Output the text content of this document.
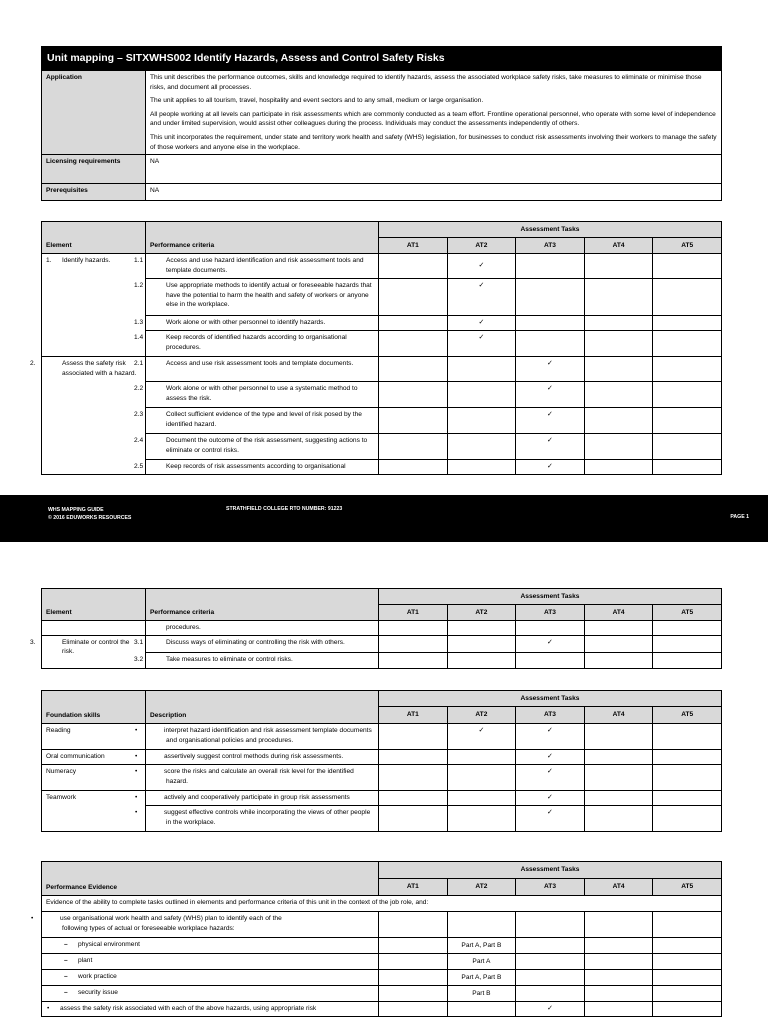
Unit mapping – SITXWHS002 Identify Hazards, Assess and Control Safety Risks	
Application	This unit describes the performance outcomes, skills and knowledge required to identify hazards, assess the associated workplace safety risks, take measures to eliminate or minimise those risks, and document all processes.

The unit applies to all tourism, travel, hospitality and event sectors and to any small, medium or large organisation.

All people working at all levels can participate in risk assessments which are commonly conducted as a team effort. Frontline operational personnel, who operate with some level of independence and under limited supervision, would assist other colleagues during the process. Individuals may conduct the assessments independently of others.

This unit incorporates the requirement, under state and territory work health and safety (WHS) legislation, for businesses to conduct risk assessments involving their workers to manage the safety of those workers and anyone else in the workplace.

Licensing requirements	NA
Prerequisites	NA
Element	Performance criteria	Assessment Tasks				
		AT1	AT2	AT3	AT4	AT5
1. Identify hazards.	1.1 Access and use hazard identification and risk assessment tools and template documents.		✓			

	1.2 Use appropriate methods to identify actual or foreseeable hazards that have the potential to harm the health and safety of workers or anyone else in the workplace.		✓			

	1.3 Work alone or with other personnel to identify hazards.		✓			

	1.4 Keep records of identified hazards according to organisational procedures.		✓			

2. Assess the safety risk associated with a hazard.	2.1 Access and use risk assessment tools and template documents.			✓		

	2.2 Work alone or with other personnel to use a systematic method to assess the risk.			✓		

	2.3 Collect sufficient evidence of the type and level of risk posed by the identified hazard.			✓		

	2.4 Document the outcome of the risk assessment, suggesting actions to eliminate or control risks.			✓		

	2.5 Keep records of risk assessments according to organisational			✓		
WHS MAPPING GUIDE
© 2016 EDUWORKS RESOURCES
STRATHFIELD COLLEGE RTO NUMBER: 91223
PAGE 1
Element	Performance criteria	Assessment Tasks				
		AT1	AT2	AT3	AT4	AT5
	procedures.					

3. Eliminate or control the risk.	3.1 Discuss ways of eliminating or controlling the risk with others.			✓		

	3.2 Take measures to eliminate or control risks.					

Foundation skills	Description	Assessment Tasks				
		AT1	AT2	AT3	AT4	AT5
Reading	• interpret hazard identification and risk assessment template documents and organisational policies and procedures.		✓	✓		
Oral communication	• assertively suggest control methods during risk assessments.			✓		
Numeracy	• score the risks and calculate an overall risk level for the identified hazard.			✓		
Teamwork	• actively and cooperatively participate in group risk assessments			✓		

	• suggest effective controls while incorporating the views of other people in the workplace.			✓		
Performance Evidence	Assessment Tasks				
	AT1	AT2	AT3	AT4	AT5
Evidence of the ability to complete tasks outlined in elements and performance criteria of this unit in the context of the job role, and:					

• use organisational work health and safety (WHS) plan to identify each of the following types of actual or foreseeable workplace hazards:					

– physical environment		Part A, Part B			
– plant		Part A			
– work practice		Part A, Part B			
– security issue		Part B			
• assess the safety risk associated with each of the above hazards, using appropriate risk			✓		
